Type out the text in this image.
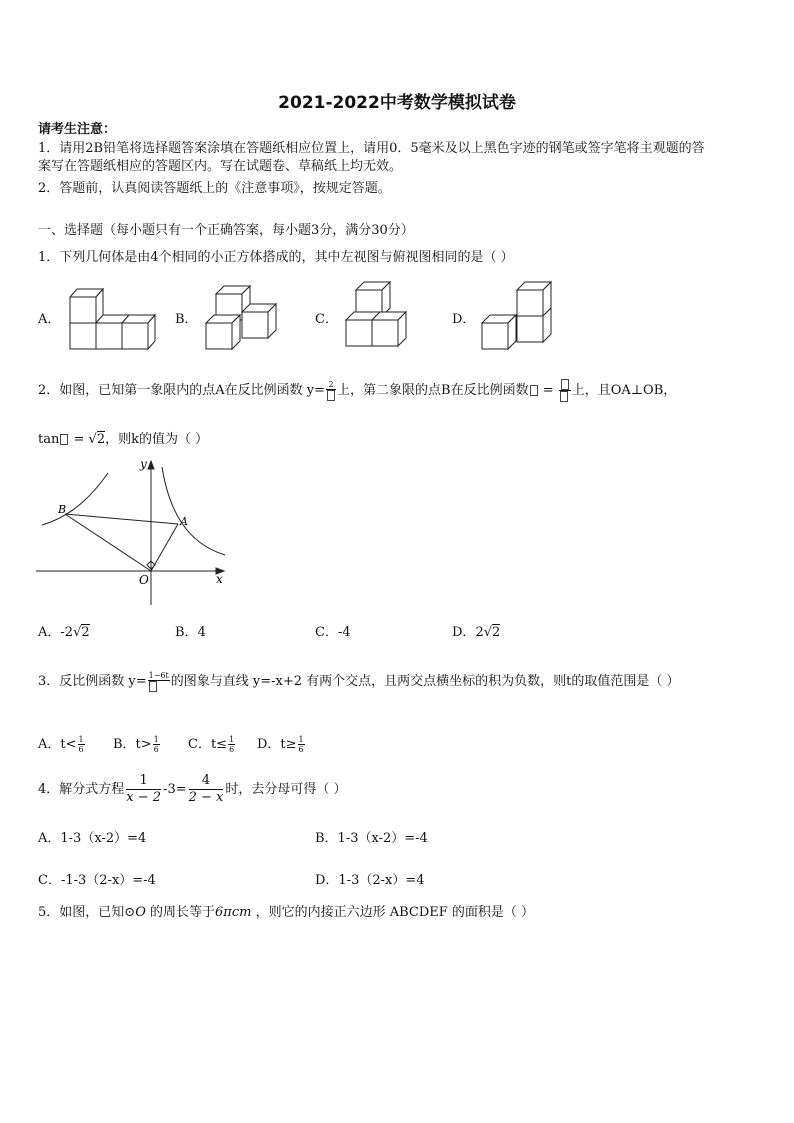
2021-2022中考数学模拟试卷
请考生注意：
1．请用2B铅笔将选择题答案涂填在答题纸相应位置上，请用0．5毫米及以上黑色字迹的钢笔或签字笔将主观题的答
案写在答题纸相应的答题区内。写在试题卷、草稿纸上均无效。
2．答题前，认真阅读答题纸上的《注意事项》，按规定答题。
一、选择题（每小题只有一个正确答案，每小题3分，满分30分）
1．下列几何体是由4个相同的小正方体搭成的，其中左视图与俯视图相同的是（ ）
A．	B．	C．	D．
2．如图，已知第一象限内的点A在反比例函数 y= 2 上，第二象限的点B在反比例函数 =
上，且OA⊥OB，
tan = √2，则k的值为（ ）
y
x
O
A
B
A．-2√2	B．4	C．-4	D．2√2
3．反比例函数 y= 1−6t 的图象与直线 y=-x+2 有两个交点，且两交点横坐标的积为负数，则t的取值范围是（ ）
A．$t< \frac{1}{6}$ B．$t> \frac{1}{6}$ C．$t\le \frac{1}{6}$ D．$t\ge \frac{1}{6}$
4．解分式方程 $\frac{1}{x - 2} -3= \frac{4}{2 - x}$ 时，去分母可得（ ）
A．1-3（x-2）=4	B．1-3（x-2）=-4
C．-1-3（2-x）=-4	D．1-3（2-x）=4
5．如图，已知⊙O 的周长等于6πcm ，则它的内接正六边形 ABCDEF 的面积是（ ）
